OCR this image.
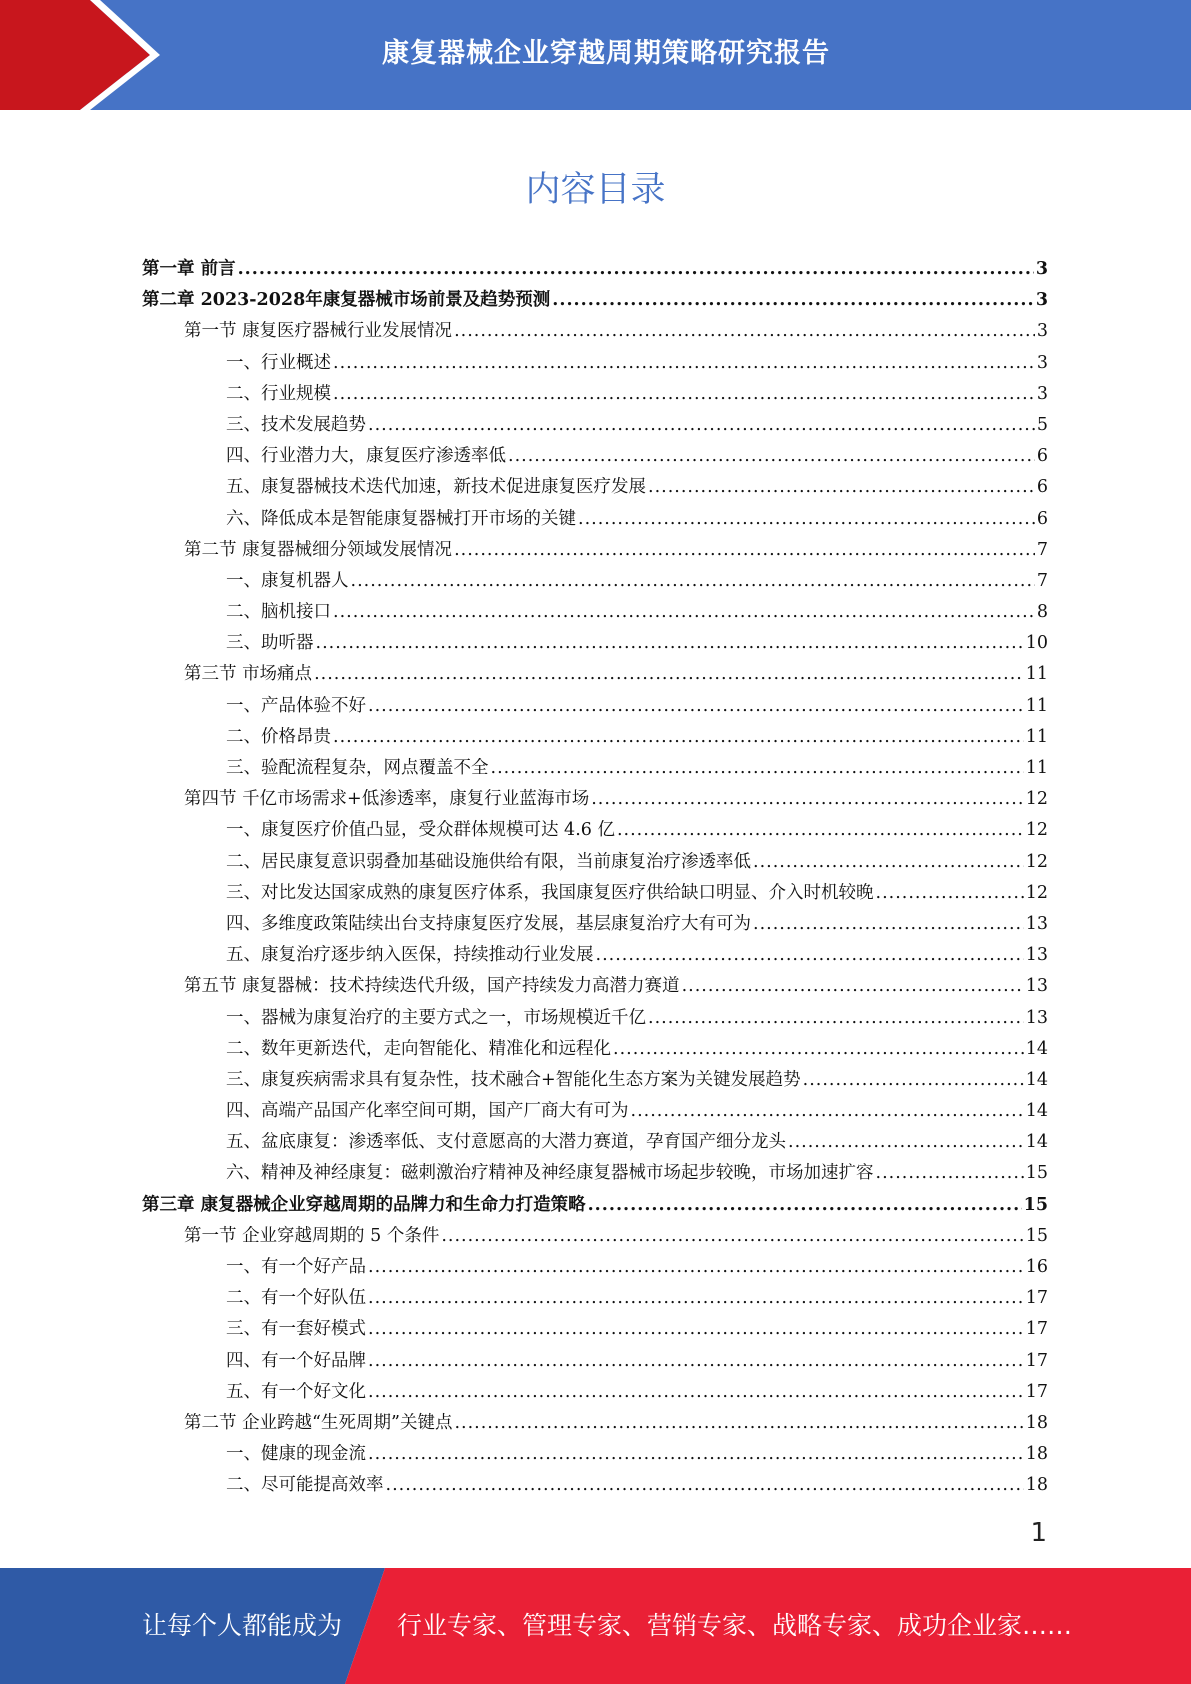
康复器械企业穿越周期策略研究报告
内容目录
第一章 前言 .....	3
第二章 2023-2028年康复器械市场前景及趋势预测 .....	3
第一节 康复医疗器械行业发展情况 .....	3
一、行业概述 .....	3
二、行业规模 .....	3
三、技术发展趋势 .....	5
四、行业潜力大，康复医疗渗透率低 .....	6
五、康复器械技术迭代加速，新技术促进康复医疗发展 .....	6
六、降低成本是智能康复器械打开市场的关键 .....	6
第二节 康复器械细分领域发展情况 .....	7
一、康复机器人 .....	7
二、脑机接口 .....	8
三、助听器 .....	10
第三节 市场痛点 .....	11
一、产品体验不好 .....	11
二、价格昂贵 .....	11
三、验配流程复杂，网点覆盖不全 .....	11
第四节 千亿市场需求+低渗透率，康复行业蓝海市场 .....	12
一、康复医疗价值凸显，受众群体规模可达 4.6 亿 .....	12
二、居民康复意识弱叠加基础设施供给有限，当前康复治疗渗透率低 .....	12
三、对比发达国家成熟的康复医疗体系，我国康复医疗供给缺口明显、介入时机较晚 .....	12
四、多维度政策陆续出台支持康复医疗发展，基层康复治疗大有可为 .....	13
五、康复治疗逐步纳入医保，持续推动行业发展 .....	13
第五节 康复器械：技术持续迭代升级，国产持续发力高潜力赛道 .....	13
一、器械为康复治疗的主要方式之一，市场规模近千亿 .....	13
二、数年更新迭代，走向智能化、精准化和远程化 .....	14
三、康复疾病需求具有复杂性，技术融合+智能化生态方案为关键发展趋势 .....	14
四、高端产品国产化率空间可期，国产厂商大有可为 .....	14
五、盆底康复：渗透率低、支付意愿高的大潜力赛道，孕育国产细分龙头 .....	14
六、精神及神经康复：磁刺激治疗精神及神经康复器械市场起步较晚，市场加速扩容 .....	15
第三章 康复器械企业穿越周期的品牌力和生命力打造策略 .....	15
第一节 企业穿越周期的 5 个条件 .....	15
一、有一个好产品 .....	16
二、有一个好队伍 .....	17
三、有一套好模式 .....	17
四、有一个好品牌 .....	17
五、有一个好文化 .....	17
第二节 企业跨越“生死周期”关键点 .....	18
一、健康的现金流 .....	18
二、尽可能提高效率 .....	18
1
让每个人都能成为 行业专家、管理专家、营销专家、战略专家、成功企业家……
